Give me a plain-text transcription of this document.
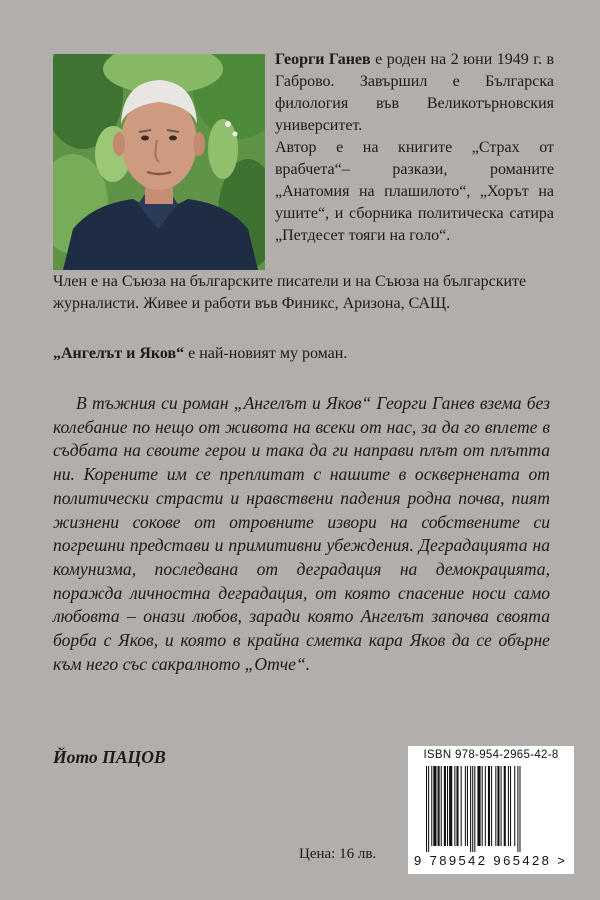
Георги Ганев е роден на 2 юни 1949 г. в Габрово. Завършил е Българска филология във Великотърновския университет.

Автор е на книгите „Страх от врабчета“– разкази, романите „Анатомия на плашилото“, „Хорът на ушите“, и сборника политическа сатира „Петдесет тояги на голо“.

Член е на Съюза на българските писатели и на Съюза на българските журналисти. Живее и работи във Финикс, Аризона, САЩ.

„Ангелът и Яков“ е най-новият му роман.

В тъжния си роман „Ангелът и Яков“ Георги Ганев взема без колебание по нещо от живота на всеки от нас, за да го вплете в съдбата на своите герои и така да ги направи плът от плътта ни. Корените им се преплитат с нашите в осквернената от политически страсти и нравствени падения родна почва, пият жизнени сокове от отровните извори на собствените си погрешни представи и примитивни убеждения. Деградацията на комунизма, последвана от деградация на демокрацията, поражда личностна деградация, от която спасение носи само любовта – онази любов, заради която Ангелът започва своята борба с Яков, и която в крайна сметка кара Яков да се обърне към него със сакралното „Отче“.

Йото ПАЦОВ
Цена: 16 лв.
ISBN 978-954-2965-42-8
9 789542 965428 >
